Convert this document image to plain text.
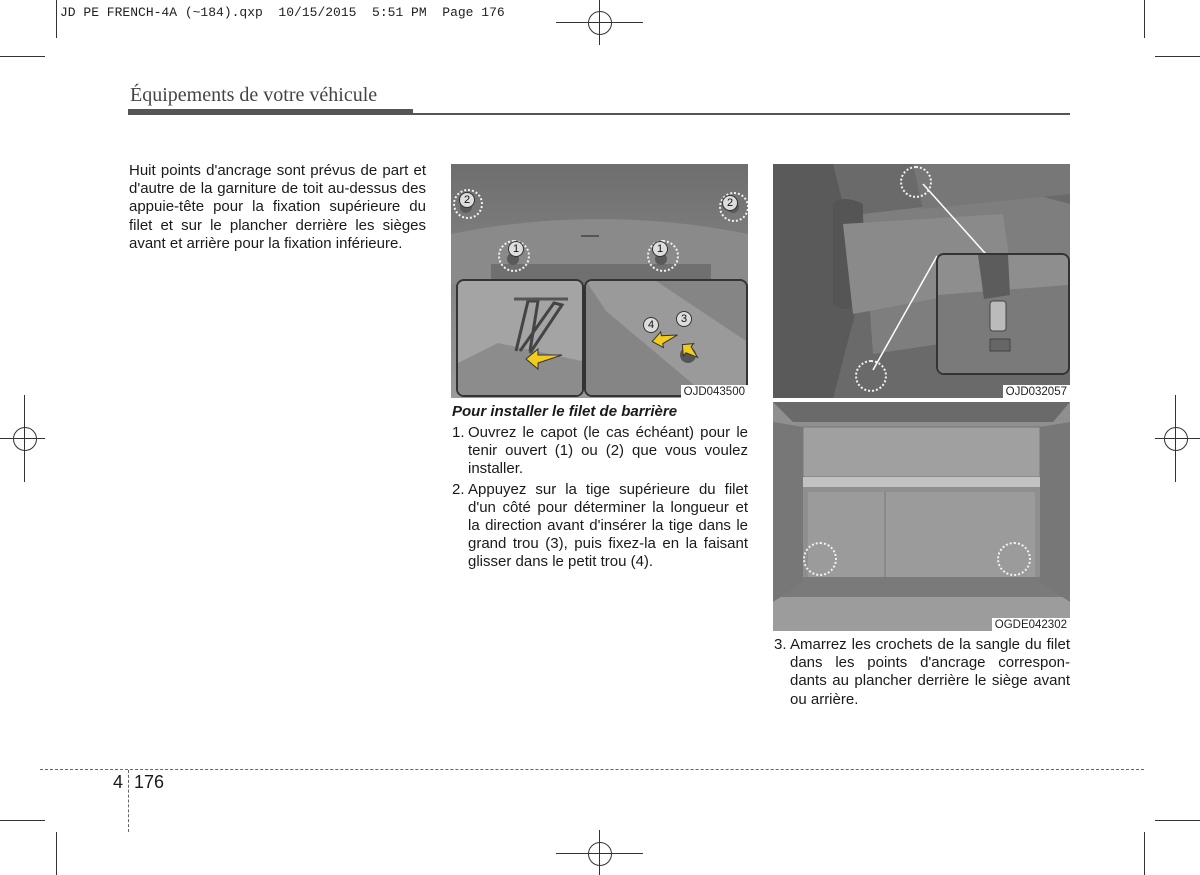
JD PE FRENCH-4A (~184).qxp  10/15/2015  5:51 PM  Page 176
Équipements de votre véhicule
Huit points d'ancrage sont prévus de part et d'autre de la garniture de toit au-dessus des appuie-tête pour la fixation supérieure du filet et sur le plancher derrière les sièges avant et arrière pour la fixation inférieure.
2	2
1	1
4	3
OJD043500
Pour installer le filet de barrière
1. Ouvrez le capot (le cas échéant) pour le tenir ouvert (1) ou (2) que vous voulez installer.
2. Appuyez sur la tige supérieure du filet d'un côté pour déterminer la longueur et la direction avant d'insérer la tige dans le grand trou (3), puis fixez-la en la faisant glisser dans le petit trou (4).
OJD032057
OGDE042302
3. Amarrez les crochets de la sangle du filet dans les points d'ancrage correspon-dants au plancher derrière le siège avant ou arrière.
4 176
